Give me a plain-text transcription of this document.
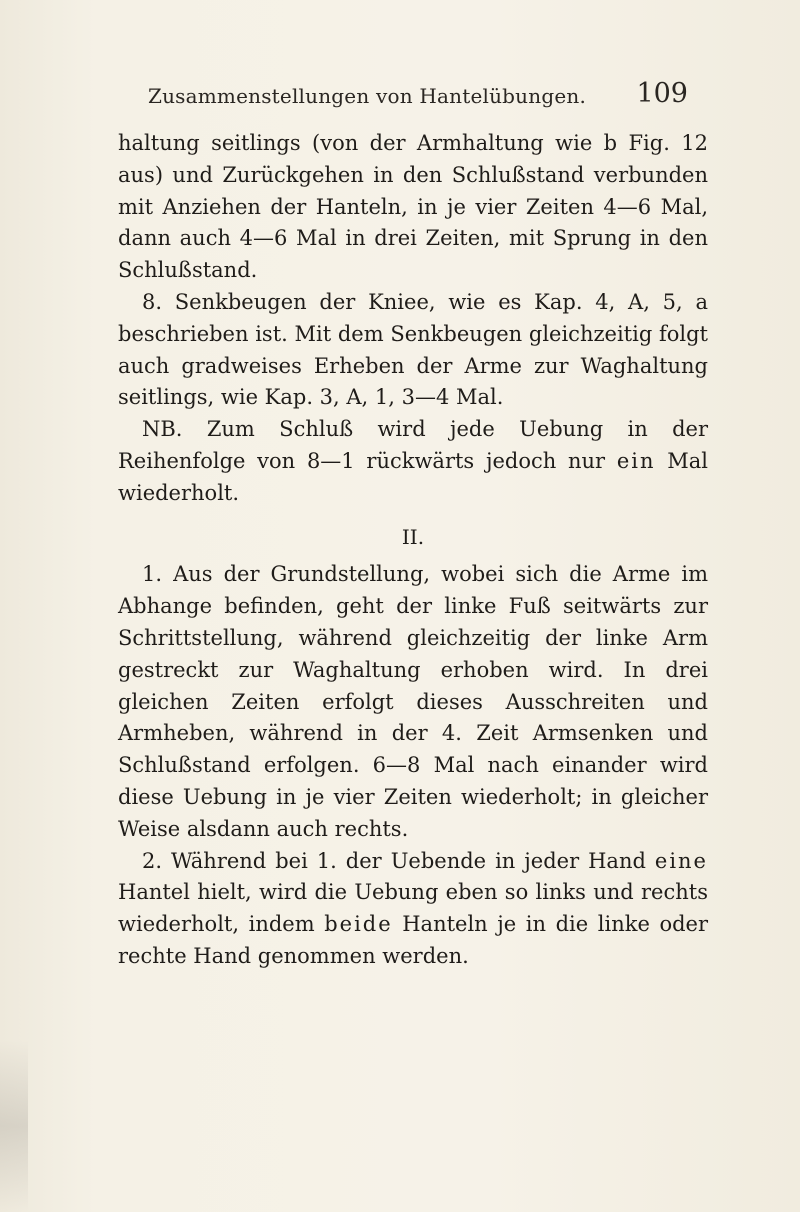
Zusammenstellungen von Hantelübungen. 109

haltung seitlings (von der Armhaltung wie b Fig. 12 aus) und Zurückgehen in den Schlußstand verbunden mit Anziehen der Hanteln, in je vier Zeiten 4—6 Mal, dann auch 4—6 Mal in drei Zeiten, mit Sprung in den Schlußstand.

8. Senkbeugen der Kniee, wie es Kap. 4, A, 5, a beschrieben ist. Mit dem Senkbeugen gleichzeitig folgt auch gradweises Erheben der Arme zur Waghaltung seitlings, wie Kap. 3, A, 1, 3—4 Mal.

NB. Zum Schluß wird jede Uebung in der Reihenfolge von 8—1 rückwärts jedoch nur ein Mal wiederholt.

II.

1. Aus der Grundstellung, wobei sich die Arme im Abhange befinden, geht der linke Fuß seitwärts zur Schrittstellung, während gleichzeitig der linke Arm gestreckt zur Waghaltung erhoben wird. In drei gleichen Zeiten erfolgt dieses Ausschreiten und Armheben, während in der 4. Zeit Armsenken und Schlußstand erfolgen. 6—8 Mal nach einander wird diese Uebung in je vier Zeiten wiederholt; in gleicher Weise alsdann auch rechts.

2. Während bei 1. der Uebende in jeder Hand eine Hantel hielt, wird die Uebung eben so links und rechts wiederholt, indem beide Hanteln je in die linke oder rechte Hand genommen werden.
